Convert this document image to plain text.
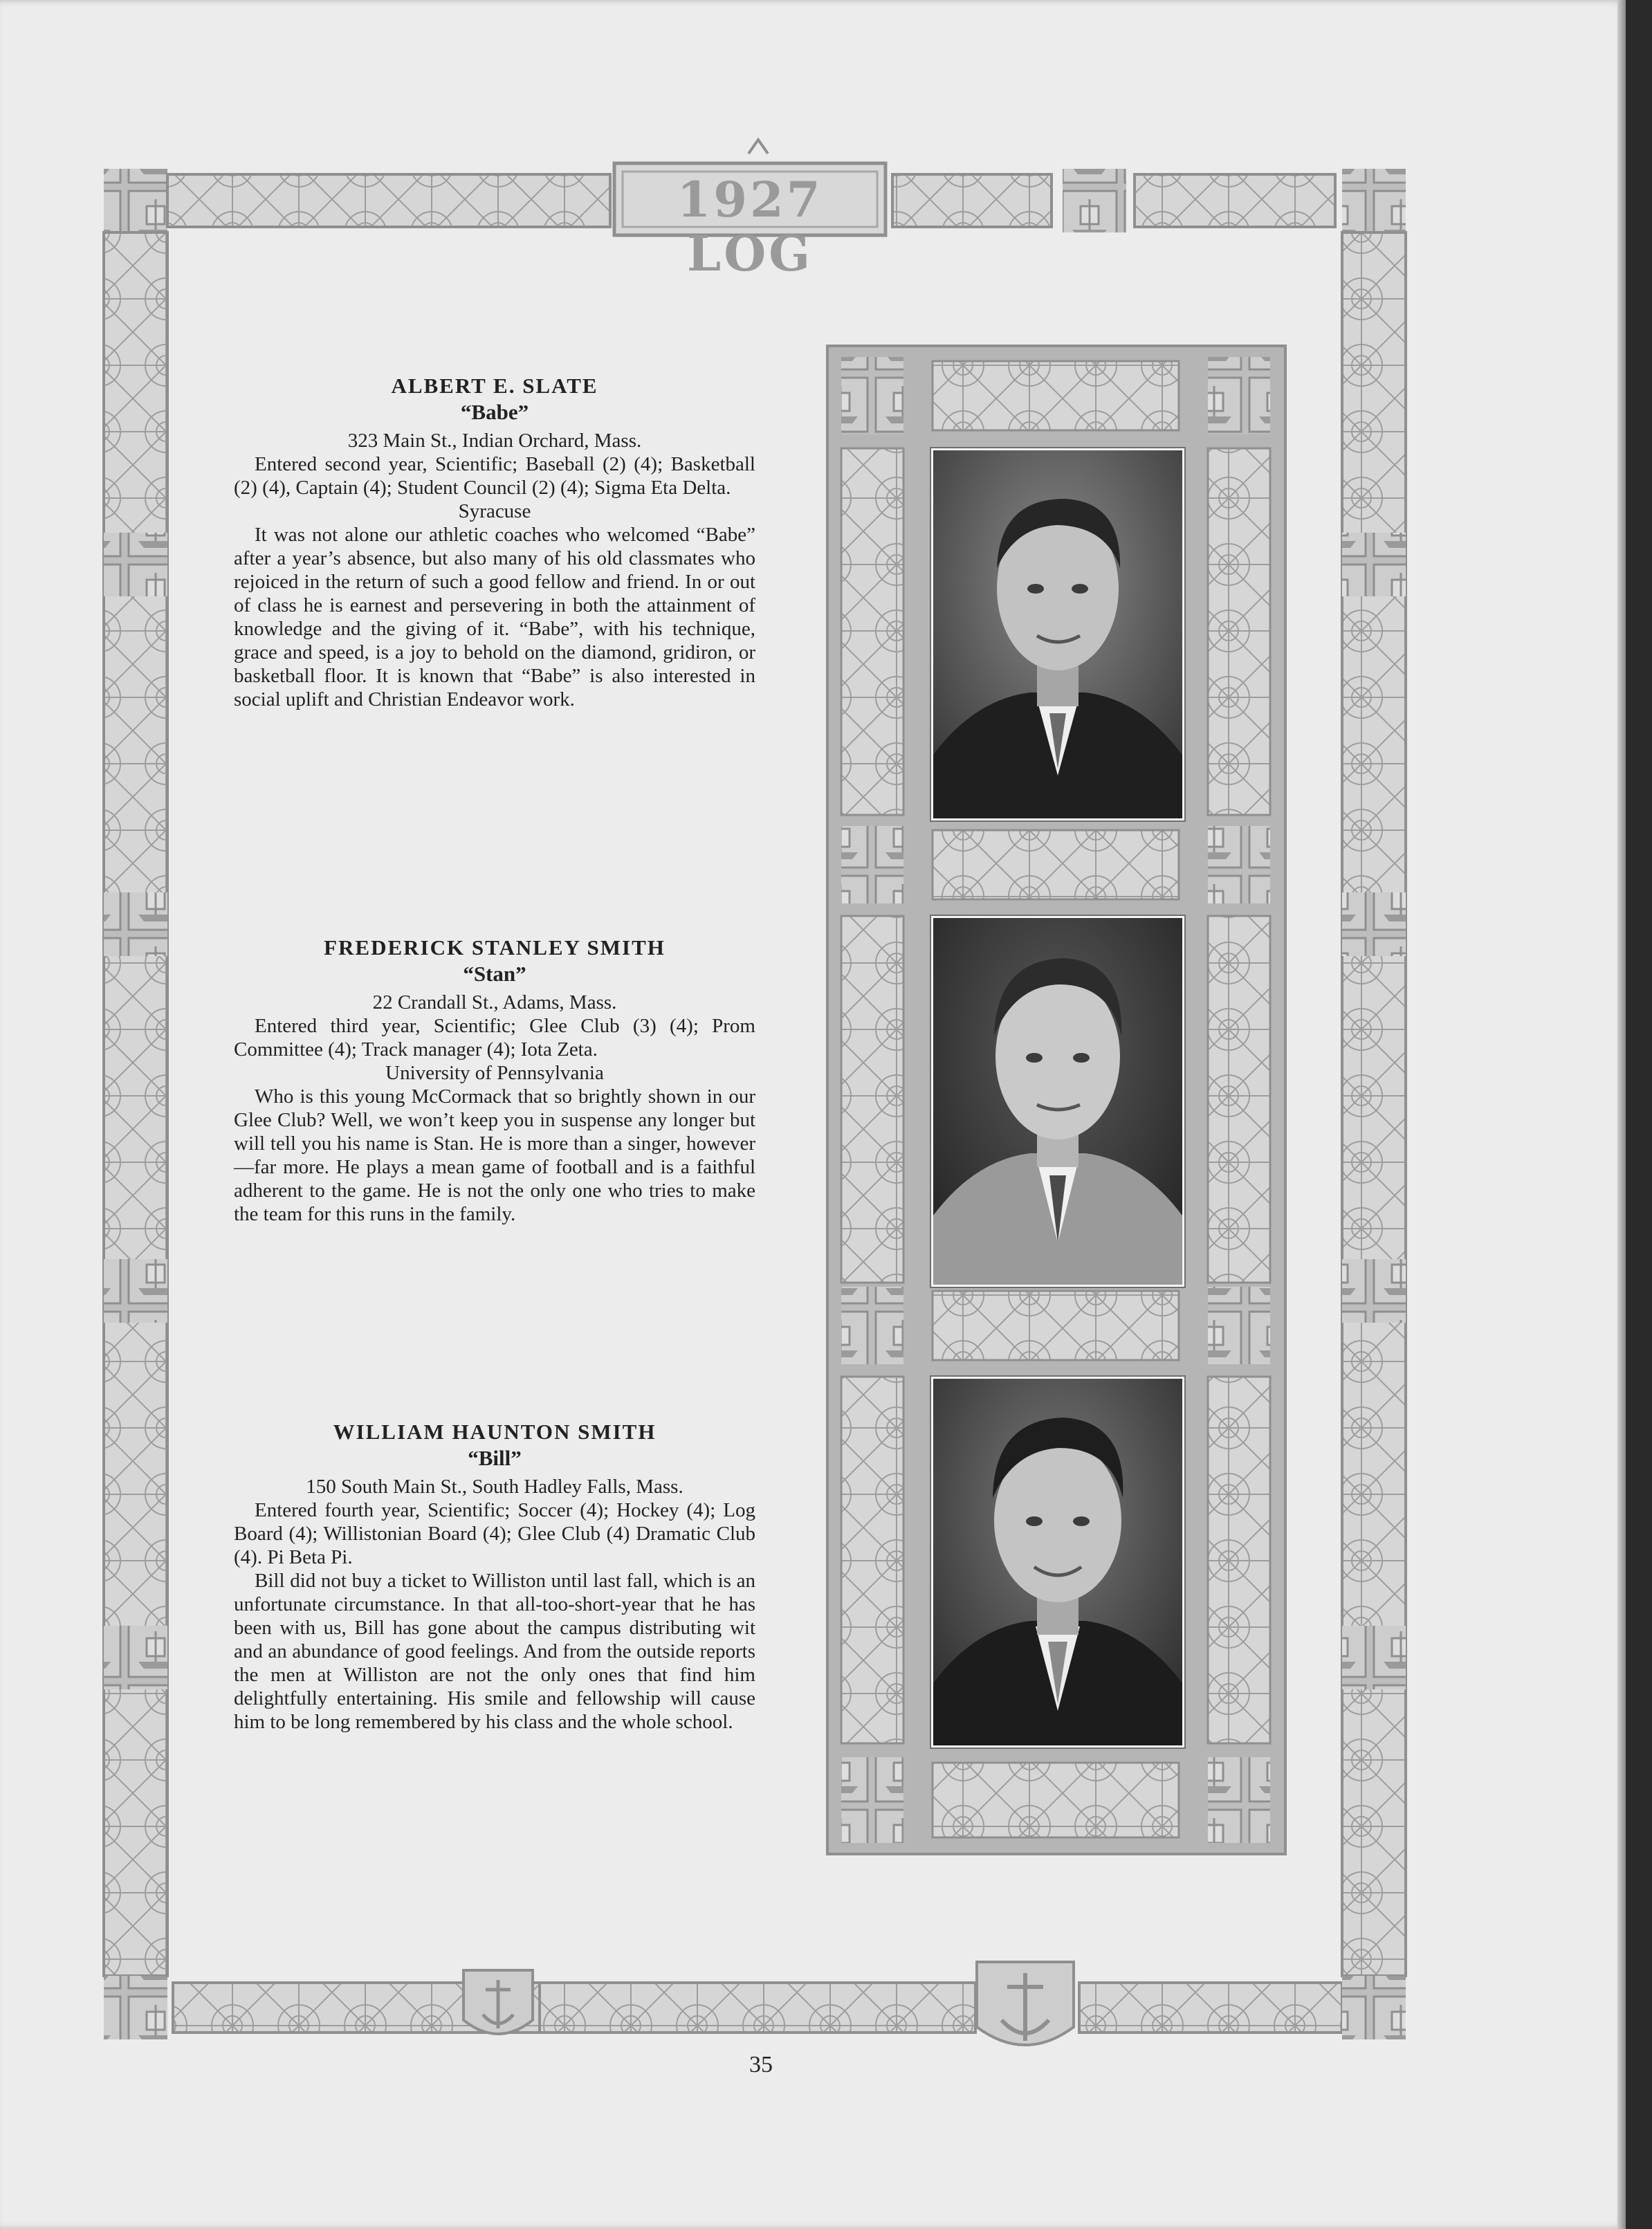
1927 LOG

ALBERT E. SLATE

“Babe”

323 Main St., Indian Orchard, Mass.

Entered second year, Scientific; Baseball (2) (4); Basketball (2) (4), Captain (4); Student Council (2) (4); Sigma Eta Delta.

Syracuse

It was not alone our athletic coaches who welcomed “Babe” after a year’s absence, but also many of his old classmates who rejoiced in the return of such a good fellow and friend. In or out of class he is earnest and persevering in both the attainment of knowledge and the giving of it. “Babe”, with his technique, grace and speed, is a joy to behold on the diamond, gridiron, or basketball floor. It is known that “Babe” is also interested in social uplift and Christian Endeavor work.

FREDERICK STANLEY SMITH

“Stan”

22 Crandall St., Adams, Mass.

Entered third year, Scientific; Glee Club (3) (4); Prom Committee (4); Track manager (4); Iota Zeta.

University of Pennsylvania

Who is this young McCormack that so brightly shown in our Glee Club? Well, we won’t keep you in suspense any longer but will tell you his name is Stan. He is more than a singer, however—far more. He plays a mean game of football and is a faithful adherent to the game. He is not the only one who tries to make the team for this runs in the family.

WILLIAM HAUNTON SMITH

“Bill”

150 South Main St., South Hadley Falls, Mass.

Entered fourth year, Scientific; Soccer (4); Hockey (4); Log Board (4); Willistonian Board (4); Glee Club (4) Dramatic Club (4). Pi Beta Pi.

Bill did not buy a ticket to Williston until last fall, which is an unfortunate circumstance. In that all-too-short-year that he has been with us, Bill has gone about the campus distributing wit and an abundance of good feelings. And from the outside reports the men at Williston are not the only ones that find him delightfully entertaining. His smile and fellowship will cause him to be long remembered by his class and the whole school.

35
